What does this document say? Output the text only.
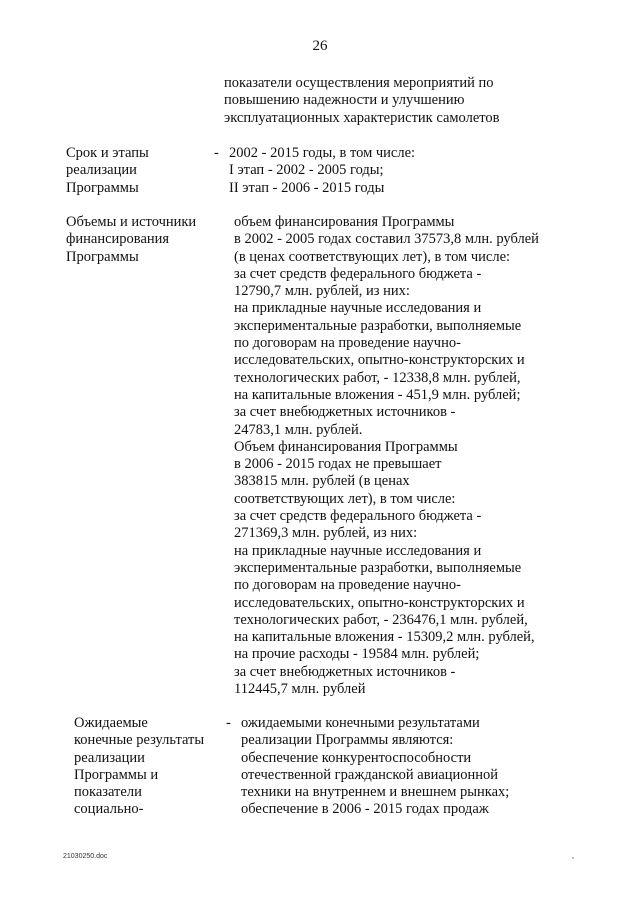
26
показатели осуществления мероприятий по
повышению надежности и улучшению
эксплуатационных характеристик самолетов
Срок и этапы
реализации
Программы
- 2002 - 2015 годы, в том числе:
I этап - 2002 - 2005 годы;
II этап - 2006 - 2015 годы
Объемы и источники
финансирования
Программы
объем финансирования Программы
в 2002 - 2005 годах составил 37573,8 млн. рублей
(в ценах соответствующих лет), в том числе:
за счет средств федерального бюджета -
12790,7 млн. рублей, из них:
на прикладные научные исследования и
экспериментальные разработки, выполняемые
по договорам на проведение научно-
исследовательских, опытно-конструкторских и
технологических работ, - 12338,8 млн. рублей,
на капитальные вложения - 451,9 млн. рублей;
за счет внебюджетных источников -
24783,1 млн. рублей.
Объем финансирования Программы
в 2006 - 2015 годах не превышает
383815 млн. рублей (в ценах
соответствующих лет), в том числе:
за счет средств федерального бюджета -
271369,3 млн. рублей, из них:
на прикладные научные исследования и
экспериментальные разработки, выполняемые
по договорам на проведение научно-
исследовательских, опытно-конструкторских и
технологических работ, - 236476,1 млн. рублей,
на капитальные вложения - 15309,2 млн. рублей,
на прочие расходы - 19584 млн. рублей;
за счет внебюджетных источников -
112445,7 млн. рублей
Ожидаемые
конечные результаты
реализации
Программы и
показатели
социально-
- ожидаемыми конечными результатами
реализации Программы являются:
обеспечение конкурентоспособности
отечественной гражданской авиационной
техники на внутреннем и внешнем рынках;
обеспечение в 2006 - 2015 годах продаж
21030250.doc
